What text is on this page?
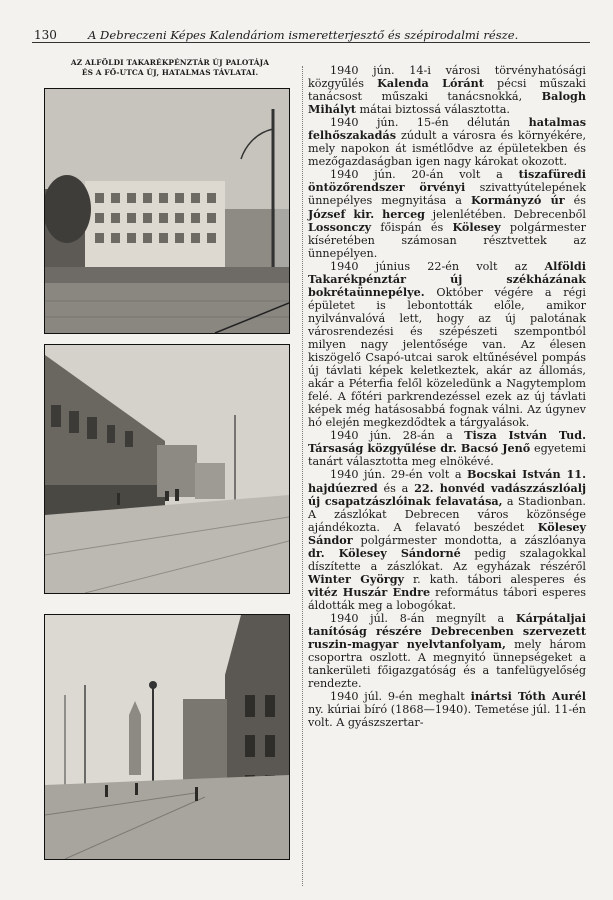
130	A Debreczeni Képes Kalendáriom ismeretterjesztő és szépirodalmi része.
AZ ALFÖLDI TAKARÉKPÉNZTÁR ÚJ PALOTÁJA
ÉS A FŐ-UTCA ÚJ, HATALMAS TÁVLATAI.	1940 jún. 14-i városi törvényhatósági közgyűlés Kalenda Lóránt pécsi műszaki tanácsost műszaki tanácsnokká, Balogh Mihályt mátai biztossá választotta.

1940 jún. 15-én délután hatalmas felhőszakadás zúdult a városra és környékére, mely napokon át ismétlődve az épületekben és mezőgazdaságban igen nagy károkat okozott.

1940 jún. 20-án volt a tiszafüredi öntözőrendszer örvényi szivattyútelepének ünnepélyes megnyitása a Kormányzó úr és József kir. herceg jelenlétében. Debrecenből Lossonczy főispán és Kölesey polgármester kíséretében számosan résztvettek az ünnepélyen.

1940 június 22-én volt az Alföldi Takarékpénztár új székházának bokrétaünnepélye. Október végére a régi épületet is lebontották előle, amikor nyilvánvalóvá lett, hogy az új palotának városrendezési és szépészeti szempontból milyen nagy jelentősége van. Az élesen kiszögelő Csapó-utcai sarok eltűnésével pompás új távlati képek keletkeztek, akár az állomás, akár a Péterfia felől közeledünk a Nagytemplom felé. A főtéri parkrendezéssel ezek az új távlati képek még hatásosabbá fognak válni. Az úgynev hó elején megkezdődtek a tárgyalások.

1940 jún. 28-án a Tisza István Tud. Társaság közgyűlése dr. Bacsó Jenő egyetemi tanárt választotta meg elnökévé.

1940 jún. 29-én volt a Bocskai István 11. hajdúezred és a 22. honvéd vadászzászlóalj új csapatzászlóinak felavatása, a Stadionban. A zászlókat Debrecen város közönsége ajándékozta. A felavató beszédet Kölesey Sándor polgármester mondotta, a zászlóanya dr. Kölesey Sándorné pedig szalagokkal díszítette a zászlókat. Az egyházak részéről Winter György r. kath. tábori alesperes és vitéz Huszár Endre református tábori esperes áldották meg a lobogókat.

1940 júl. 8-án megnyílt a Kárpátaljai tanítóság részére Debrecenben szervezett ruszin-magyar nyelvtanfolyam, mely három csoportra oszlott. A megnyitó ünnepségeket a tankerületi főigazgatóság és a tanfelügyelőség rendezte.

1940 júl. 9-én meghalt inártsi Tóth Aurél ny. kúriai bíró (1868—1940). Temetése júl. 11-én volt. A gyászszertar-
